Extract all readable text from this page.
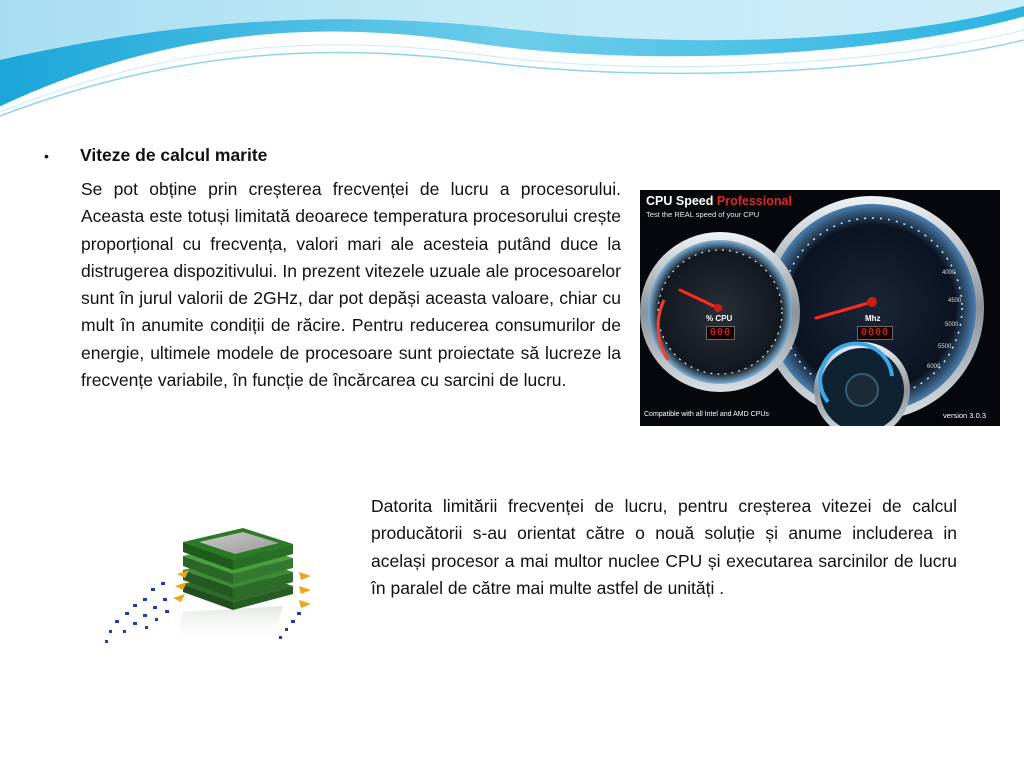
•	Viteze de calcul marite

Se pot obține prin creșterea frecvenței de lucru a procesorului. Aceasta este totuși limitată deoarece temperatura procesorului crește proporțional cu frecvența, valori mari ale acesteia putând duce la distrugerea dispozitivului. In prezent vitezele uzuale ale procesoarelor sunt în jurul valorii de 2GHz, dar pot depăși aceasta valoare, chiar cu mult în anumite condiții de răcire. Pentru reducerea consumurilor de energie, ultimele modele de procesoare sunt proiectate să lucreze la frecvențe variabile, în funcție de încărcarea cu sarcini de lucru.

CPU Speed Professional
Test the REAL speed of your CPU
% CPU
000
Mhz
0000
4000
4500
5000
5500
6000
Compatible with all Intel and AMD CPUs	version 3.0.3

Datorita limitării frecvenței de lucru, pentru creșterea vitezei de calcul producătorii s-au orientat către o nouă soluție și anume includerea in același procesor a mai multor nuclee CPU și executarea sarcinilor de lucru în paralel de către mai multe astfel de unități .
